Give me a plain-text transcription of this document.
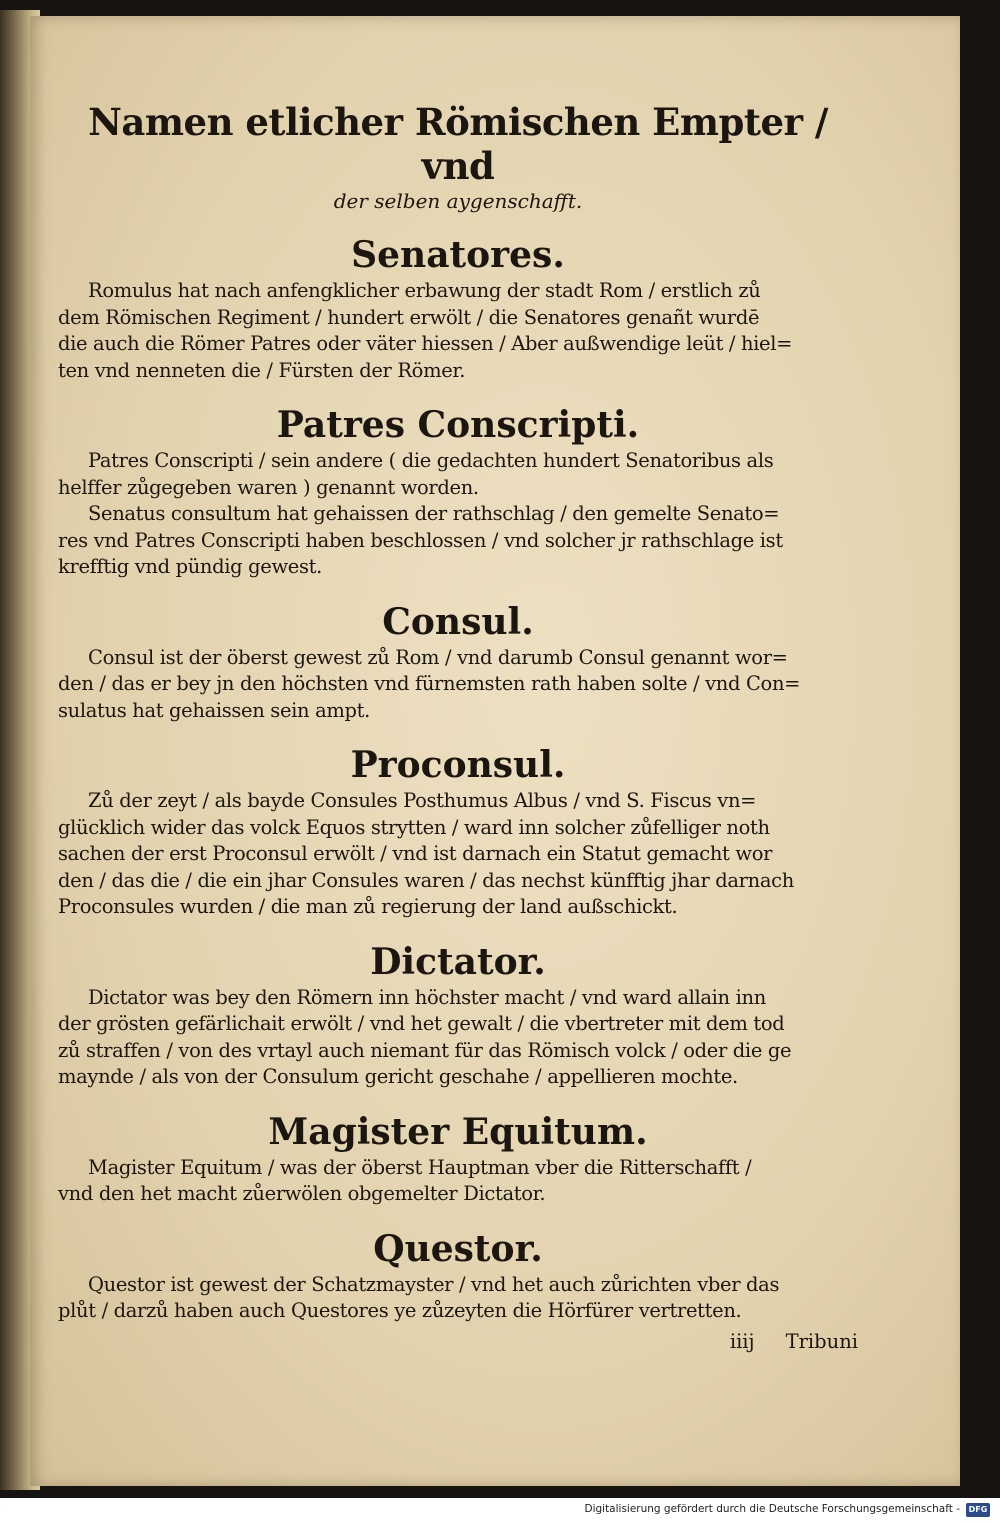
Namen etlicher Römischen Empter / vnd

der selben aygenschafft.

Senatores.

Romulus hat nach anfengklicher erbawung der stadt Rom / erstlich zů

dem Römischen Regiment / hundert erwölt / die Senatores genañt wurdē

die auch die Römer Patres oder väter hiessen / Aber außwendige leüt / hiel=

ten vnd nenneten die / Fürsten der Römer.

Patres Conscripti.

Patres Conscripti / sein andere ( die gedachten hundert Senatoribus als

helffer zůgegeben waren ) genannt worden.

Senatus consultum hat gehaissen der rathschlag / den gemelte Senato=

res vnd Patres Conscripti haben beschlossen / vnd solcher jr rathschlage ist

krefftig vnd pündig gewest.

Consul.

Consul ist der öberst gewest zů Rom / vnd darumb Consul genannt wor=

den / das er bey jn den höchsten vnd fürnemsten rath haben solte / vnd Con=

sulatus hat gehaissen sein ampt.

Proconsul.

Zů der zeyt / als bayde Consules Posthumus Albus / vnd S. Fiscus vn=

glücklich wider das volck Equos strytten / ward inn solcher zůfelliger noth

sachen der erst Proconsul erwölt / vnd ist darnach ein Statut gemacht wor

den / das die / die ein jhar Consules waren / das nechst künfftig jhar darnach

Proconsules wurden / die man zů regierung der land außschickt.

Dictator.

Dictator was bey den Römern inn höchster macht / vnd ward allain inn

der grösten gefärlichait erwölt / vnd het gewalt / die vbertreter mit dem tod

zů straffen / von des vrtayl auch niemant für das Römisch volck / oder die ge

maynde / als von der Consulum gericht geschahe / appellieren mochte.

Magister Equitum.

Magister Equitum / was der öberst Hauptman vber die Ritterschafft /

vnd den het macht zůerwölen obgemelter Dictator.

Questor.

Questor ist gewest der Schatzmayster / vnd het auch zůrichten vber das

plůt / darzů haben auch Questores ye zůzeyten die Hörfürer vertretten.

iiij Tribuni

Digitalisierung gefördert durch die Deutsche Forschungsgemeinschaft -	DFG
